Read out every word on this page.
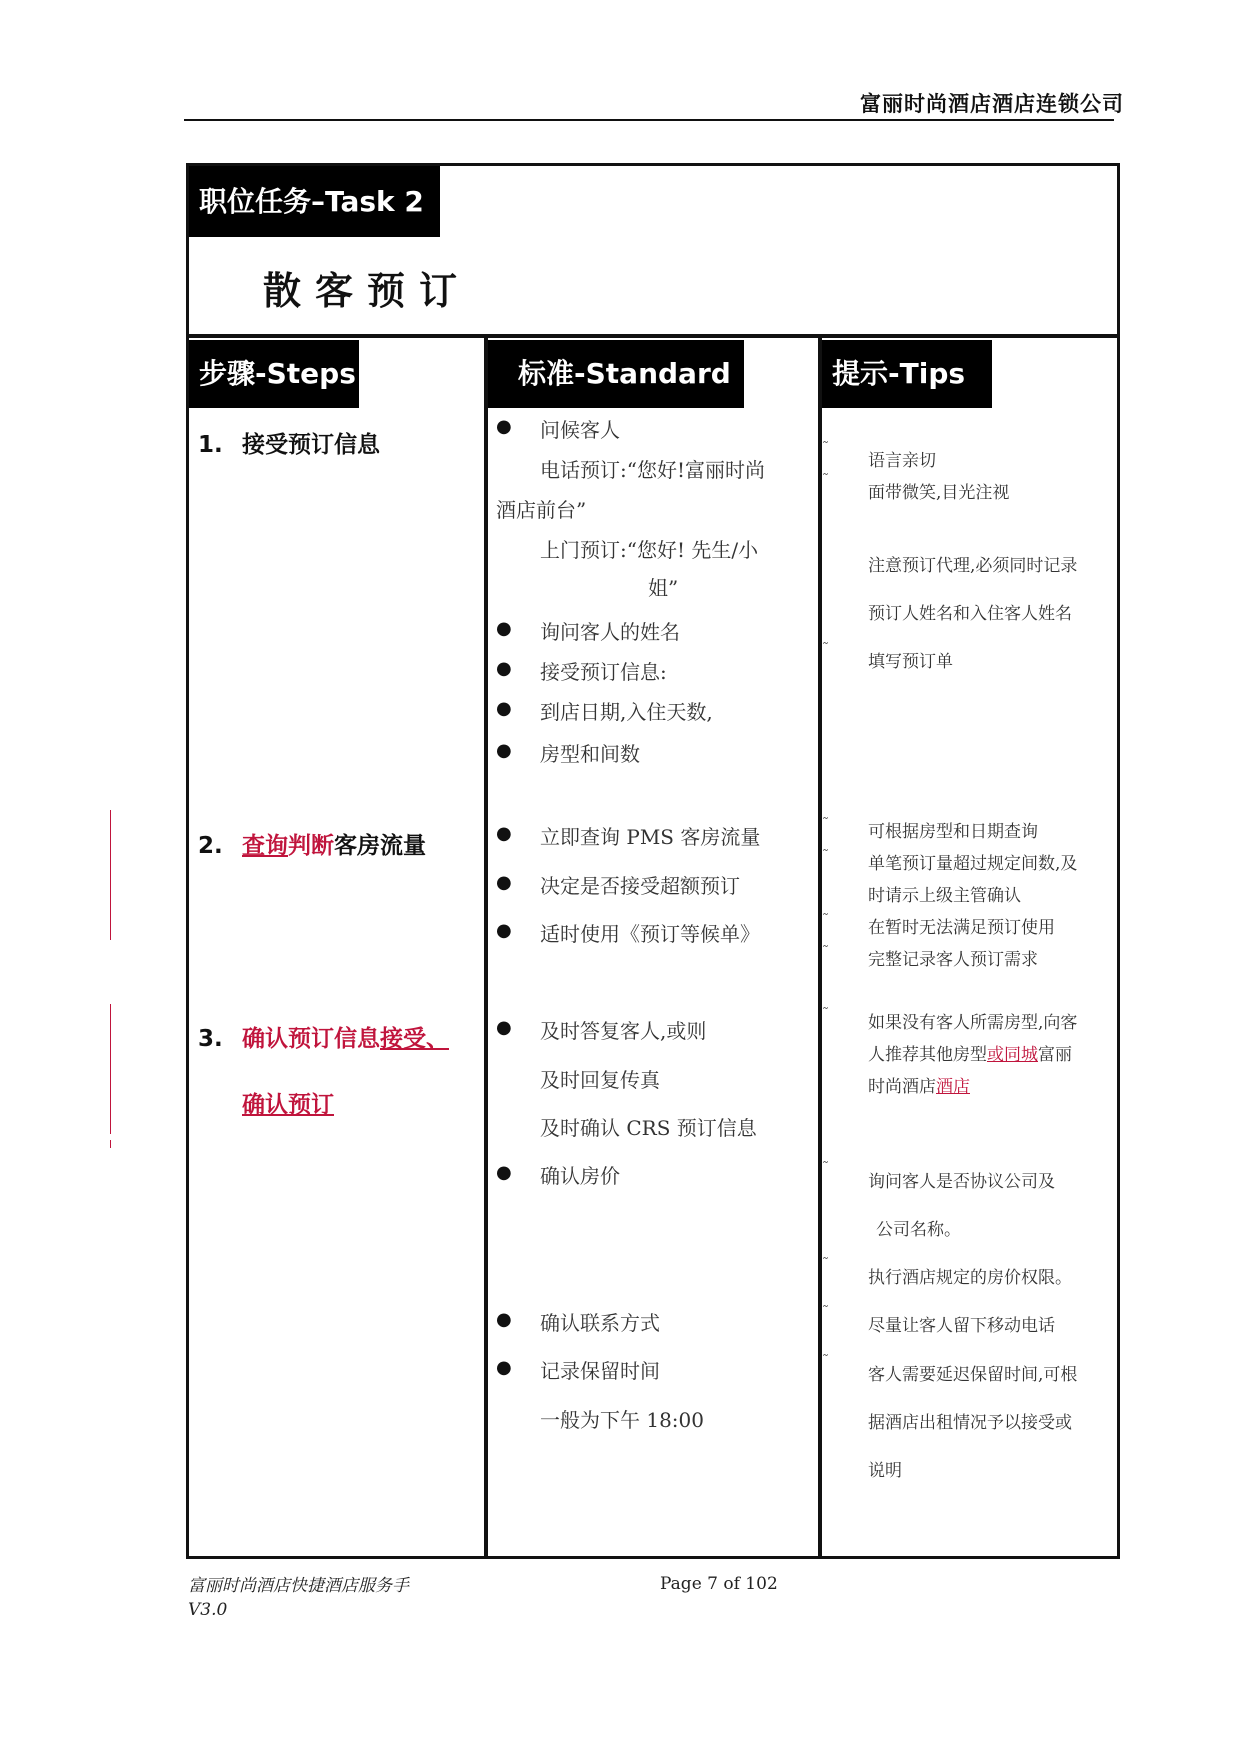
富丽时尚酒店酒店连锁公司
职位任务–Task 2
散客预订
步骤-Steps	标准-Standard	提示-Tips
1. 接受预订信息
2. 查询判断客房流量
3. 确认预订信息接受、
确认预订
● 问候客人
电话预订:“您好!富丽时尚
酒店前台”
上门预订:“您好! 先生/小
姐”
● 询问客人的姓名
● 接受预订信息:
● 到店日期,入住天数,
● 房型和间数
● 立即查询 PMS 客房流量
● 决定是否接受超额预订
● 适时使用《预订等候单》
● 及时答复客人,或则
及时回复传真
及时确认 CRS 预订信息
● 确认房价
● 确认联系方式
● 记录保留时间
一般为下午 18:00
˜
语言亲切
˜
面带微笑,目光注视
注意预订代理,必须同时记录
预订人姓名和入住客人姓名
˜
填写预订单
˜ 可根据房型和日期查询
˜ 单笔预订量超过规定间数,及
时请示上级主管确认
˜ 在暂时无法满足预订使用
˜ 完整记录客人预订需求
˜ 如果没有客人所需房型,向客
人推荐其他房型或同城富丽
时尚酒店酒店
˜
询问客人是否协议公司及
公司名称。
˜
执行酒店规定的房价权限。
˜
尽量让客人留下移动电话
˜
客人需要延迟保留时间,可根
据酒店出租情况予以接受或
说明
富丽时尚酒店快捷酒店服务手
V3.0
Page 7 of 102
